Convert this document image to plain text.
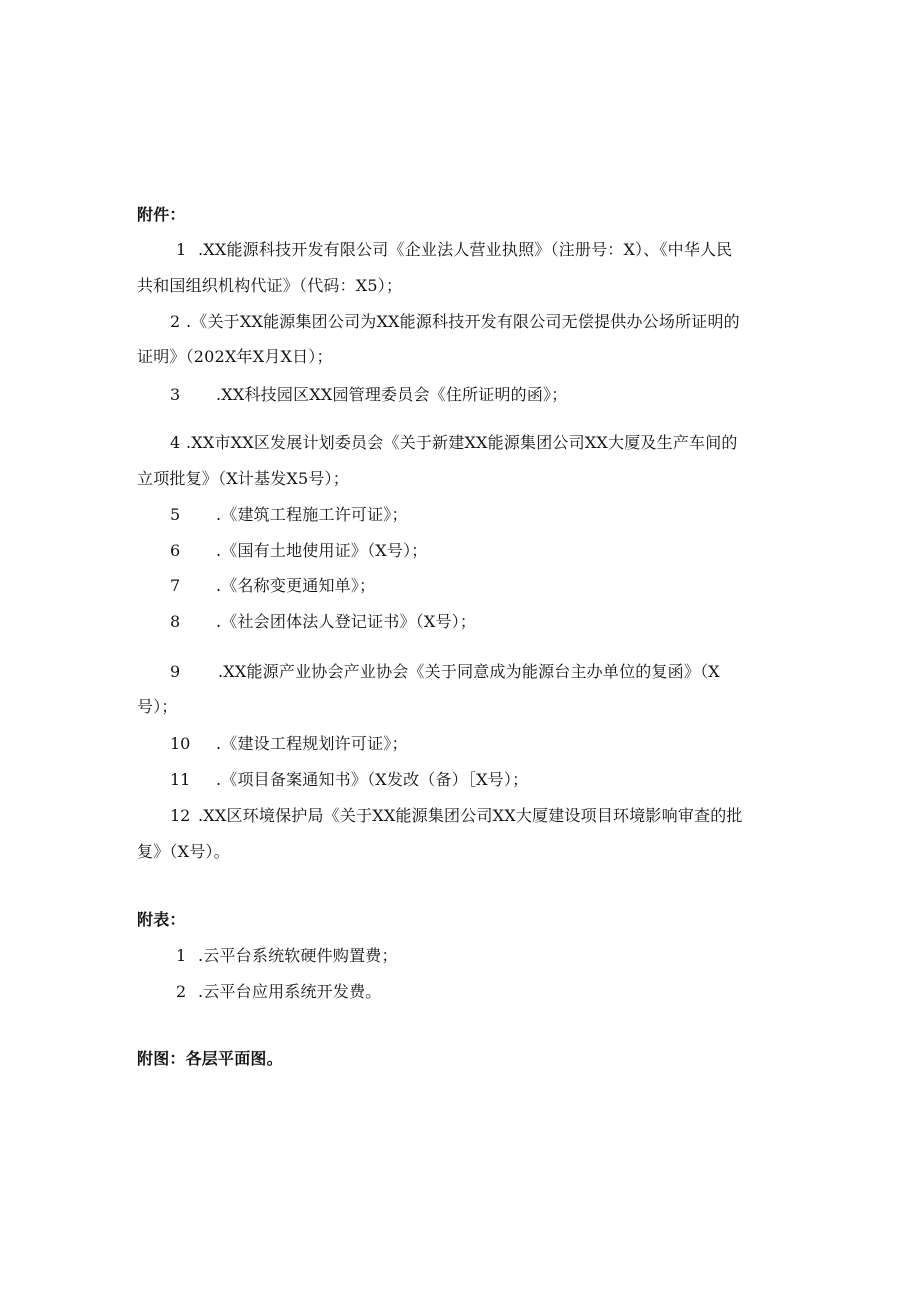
附件：
1 .XX能源科技开发有限公司《企业法人营业执照》（注册号：X）、《中华人民
共和国组织机构代证》（代码：X5）；
2 .《关于XX能源集团公司为XX能源科技开发有限公司无偿提供办公场所证明的
证明》（202X年X月X日）；
3 .XX科技园区XX园管理委员会《住所证明的函》；
4 .XX市XX区发展计划委员会《关于新建XX能源集团公司XX大厦及生产车间的
立项批复》（X计基发X5号）；
5 .《建筑工程施工许可证》；
6 .《国有土地使用证》（X号）；
7 .《名称变更通知单》；
8 .《社会团体法人登记证书》（X号）；
9 .XX能源产业协会产业协会《关于同意成为能源台主办单位的复函》（X
号）；
10 .《建设工程规划许可证》；
11 .《项目备案通知书》（X发改（备）［X号）；
12 .XX区环境保护局《关于XX能源集团公司XX大厦建设项目环境影响审查的批
复》（X号）。
附表：
1 .云平台系统软硬件购置费；
2 .云平台应用系统开发费。
附图：各层平面图。
